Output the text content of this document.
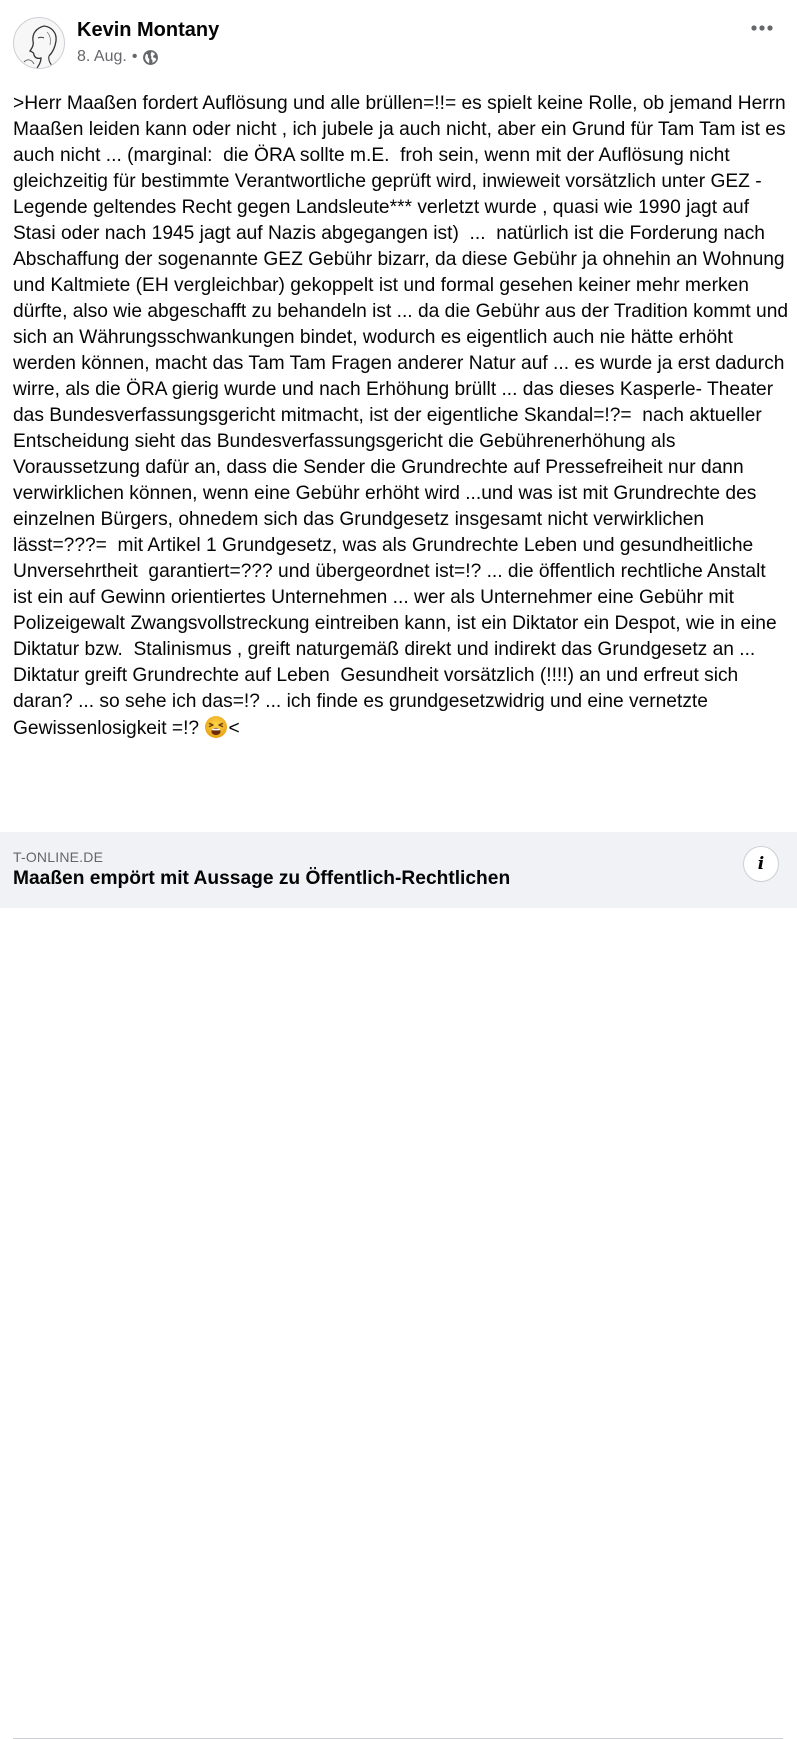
Kevin Montany
8. Aug. •
>Herr Maaßen fordert Auflösung und alle brüllen=!!= es spielt keine Rolle, ob jemand Herrn Maaßen leiden kann oder nicht , ich jubele ja auch nicht, aber ein Grund für Tam Tam ist es auch nicht ... (marginal:  die ÖRA sollte m.E.  froh sein, wenn mit der Auflösung nicht gleichzeitig für bestimmte Verantwortliche geprüft wird, inwieweit vorsätzlich unter GEZ -Legende geltendes Recht gegen Landsleute*** verletzt wurde , quasi wie 1990 jagt auf Stasi oder nach 1945 jagt auf Nazis abgegangen ist)  ...  natürlich ist die Forderung nach Abschaffung der sogenannte GEZ Gebühr bizarr, da diese Gebühr ja ohnehin an Wohnung und Kaltmiete (EH vergleichbar) gekoppelt ist und formal gesehen keiner mehr merken dürfte, also wie abgeschafft zu behandeln ist ... da die Gebühr aus der Tradition kommt und sich an Währungsschwankungen bindet, wodurch es eigentlich auch nie hätte erhöht werden können, macht das Tam Tam Fragen anderer Natur auf ... es wurde ja erst dadurch wirre, als die ÖRA gierig wurde und nach Erhöhung brüllt ... das dieses Kasperle- Theater das Bundesverfassungsgericht mitmacht, ist der eigentliche Skandal=!?=  nach aktueller Entscheidung sieht das Bundesverfassungsgericht die Gebührenerhöhung als Voraussetzung dafür an, dass die Sender die Grundrechte auf Pressefreiheit nur dann  verwirklichen können, wenn eine Gebühr erhöht wird ...und was ist mit Grundrechte des einzelnen Bürgers, ohnedem sich das Grundgesetz insgesamt nicht verwirklichen lässt=???=  mit Artikel 1 Grundgesetz, was als Grundrechte Leben und gesundheitliche Unversehrtheit  garantiert=??? und übergeordnet ist=!? ... die öffentlich rechtliche Anstalt ist ein auf Gewinn orientiertes Unternehmen ... wer als Unternehmer eine Gebühr mit Polizeigewalt Zwangsvollstreckung eintreiben kann, ist ein Diktator ein Despot, wie in eine Diktatur bzw.  Stalinismus , greift naturgemäß direkt und indirekt das Grundgesetz an ... Diktatur greift Grundrechte auf Leben  Gesundheit vorsätzlich (!!!!) an und erfreut sich daran? ... so sehe ich das=!? ... ich finde es grundgesetzwidrig und eine vernetzte Gewissenlosigkeit =!? <
T-ONLINE.DE
Maaßen empört mit Aussage zu Öffentlich-Rechtlichen
i
